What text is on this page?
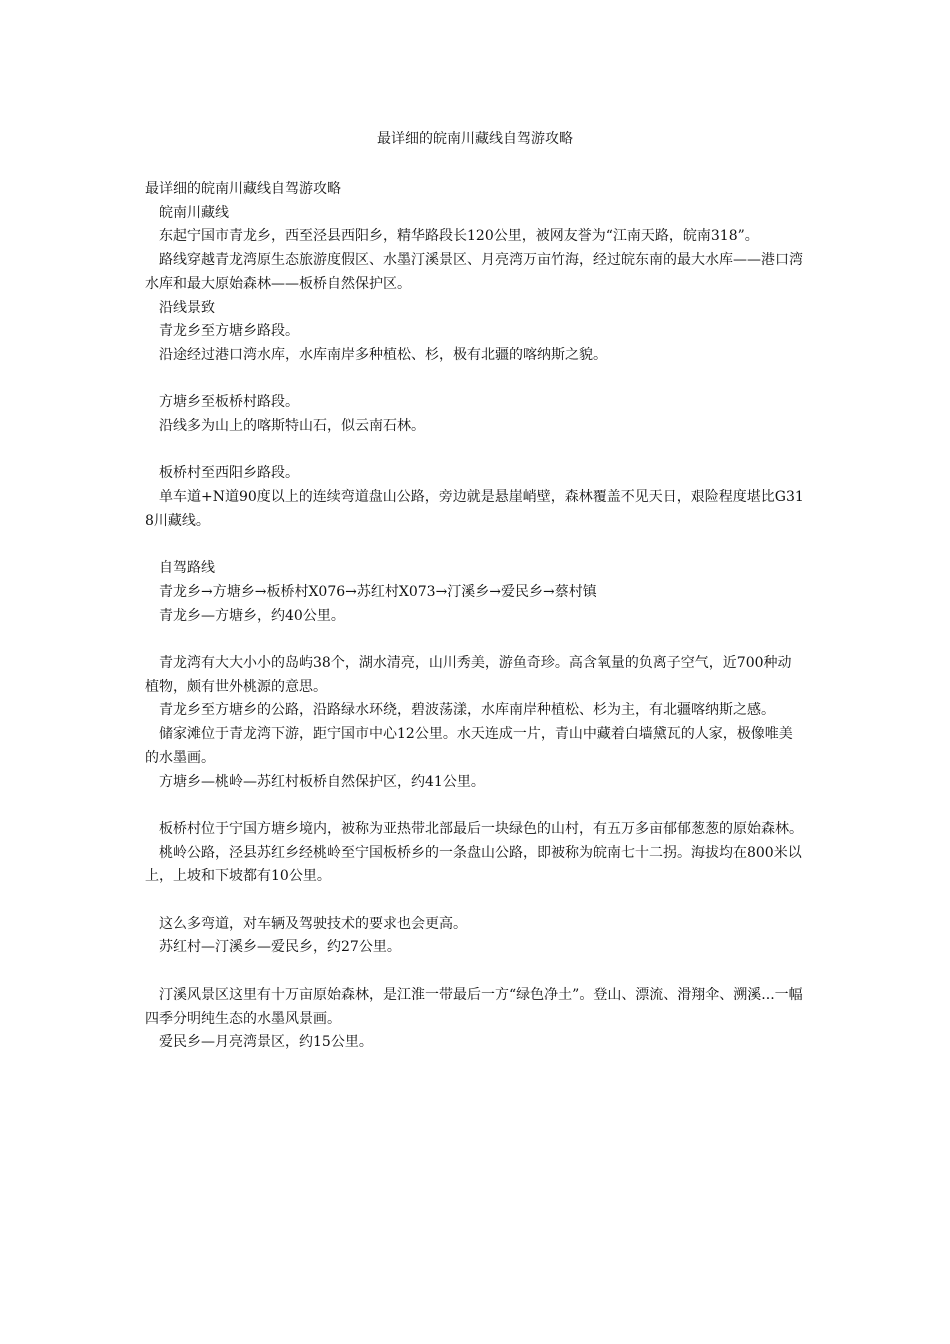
最详细的皖南川藏线自驾游攻略

最详细的皖南川藏线自驾游攻略

皖南川藏线

东起宁国市青龙乡，西至泾县西阳乡，精华路段长120公里，被网友誉为“江南天路，皖南318”。

路线穿越青龙湾原生态旅游度假区、水墨汀溪景区、月亮湾万亩竹海，经过皖东南的最大水库——港口湾水库和最大原始森林——板桥自然保护区。

沿线景致

青龙乡至方塘乡路段。

沿途经过港口湾水库，水库南岸多种植松、杉，极有北疆的喀纳斯之貌。

方塘乡至板桥村路段。

沿线多为山上的喀斯特山石，似云南石林。

板桥村至西阳乡路段。

单车道+N道90度以上的连续弯道盘山公路，旁边就是悬崖峭壁，森林覆盖不见天日，艰险程度堪比G318川藏线。

自驾路线

青龙乡→方塘乡→板桥村X076→苏红村X073→汀溪乡→爱民乡→蔡村镇

青龙乡—方塘乡，约40公里。

青龙湾有大大小小的岛屿38个，湖水清亮，山川秀美，游鱼奇珍。高含氧量的负离子空气，近700种动植物，颇有世外桃源的意思。

青龙乡至方塘乡的公路，沿路绿水环绕，碧波荡漾，水库南岸种植松、杉为主，有北疆喀纳斯之感。

储家滩位于青龙湾下游，距宁国市中心12公里。水天连成一片，青山中藏着白墙黛瓦的人家，极像唯美的水墨画。

方塘乡—桃岭—苏红村板桥自然保护区，约41公里。

板桥村位于宁国方塘乡境内，被称为亚热带北部最后一块绿色的山村，有五万多亩郁郁葱葱的原始森林。

桃岭公路，泾县苏红乡经桃岭至宁国板桥乡的一条盘山公路，即被称为皖南七十二拐。海拔均在800米以上，上坡和下坡都有10公里。

这么多弯道，对车辆及驾驶技术的要求也会更高。

苏红村—汀溪乡—爱民乡，约27公里。

汀溪风景区这里有十万亩原始森林，是江淮一带最后一方“绿色净土”。登山、漂流、滑翔伞、溯溪...一幅四季分明纯生态的水墨风景画。

爱民乡—月亮湾景区，约15公里。
